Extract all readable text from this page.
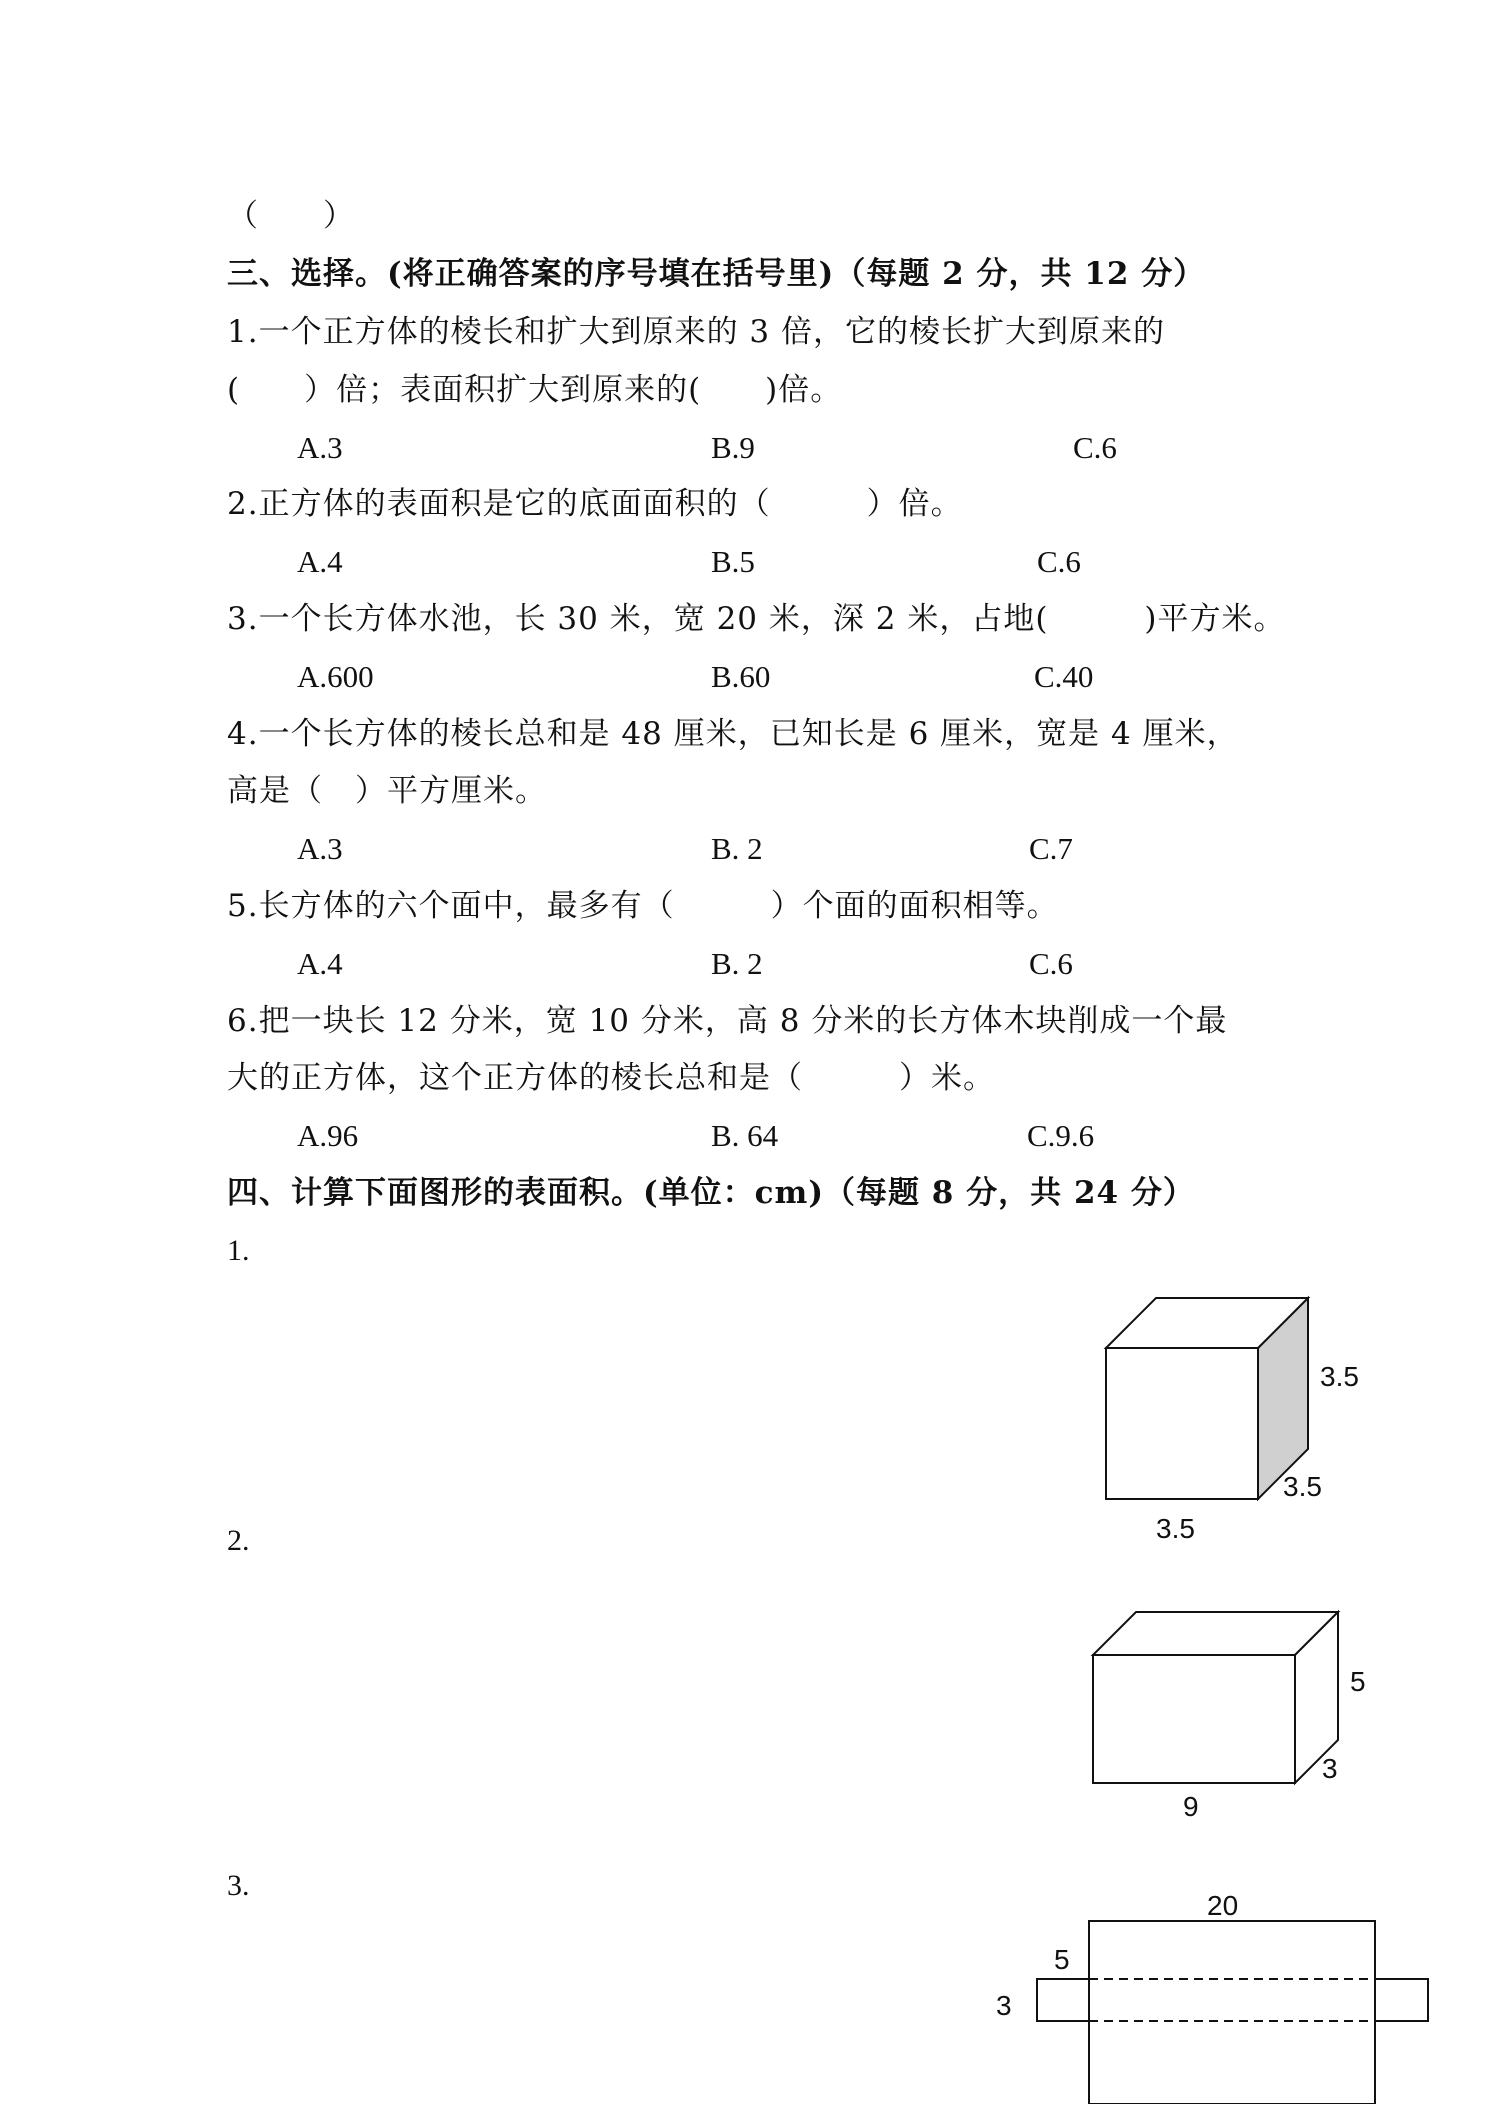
（　　）
三、选择。(将正确答案的序号填在括号里)（每题 2 分，共 12 分）
1.一个正方体的棱长和扩大到原来的 3 倍，它的棱长扩大到原来的
(　　）倍；表面积扩大到原来的(　　)倍。
A.3	B.9	C.6
2.正方体的表面积是它的底面面积的（　　　）倍。
A.4	B.5	C.6
3.一个长方体水池，长 30 米，宽 20 米，深 2 米，占地(　　　)平方米。
A.600	B.60	C.40
4.一个长方体的棱长总和是 48 厘米，已知长是 6 厘米，宽是 4 厘米，
高是（　）平方厘米。
A.3	B. 2	C.7
5.长方体的六个面中，最多有（　　　）个面的面积相等。
A.4	B. 2	C.6
6.把一块长 12 分米，宽 10 分米，高 8 分米的长方体木块削成一个最
大的正方体，这个正方体的棱长总和是（　　　）米。
A.96	B. 64	C.9.6
四、计算下面图形的表面积。(单位：cm)（每题 8 分，共 24 分）
1.
2.
3.
3.5
3.5
3.5
5
3
9
20
5
3
